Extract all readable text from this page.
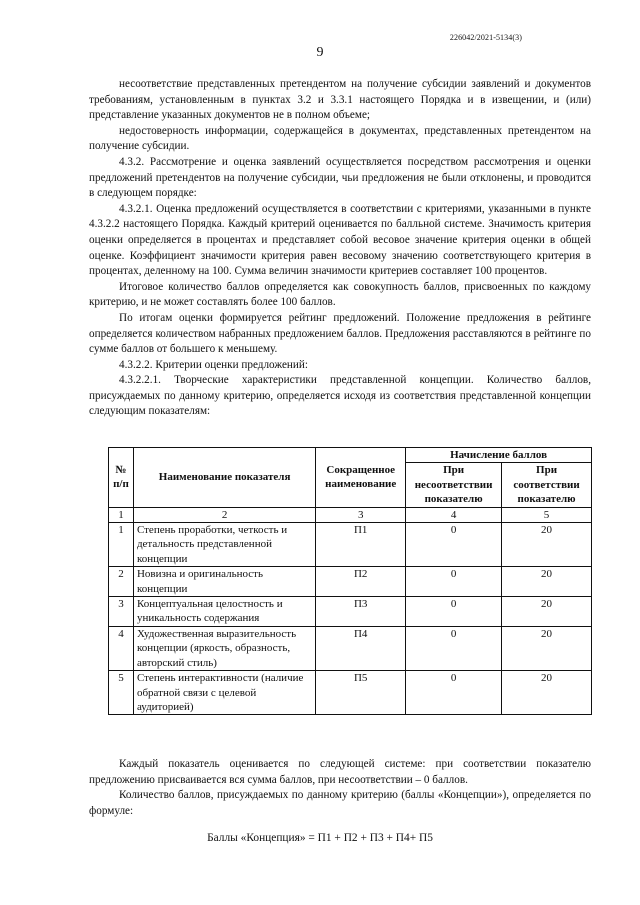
226042/2021-5134(3)
9

несоответствие представленных претендентом на получение субсидии заявлений и документов требованиям, установленным в пунктах 3.2 и 3.3.1 настоящего Порядка и в извещении, и (или) представление указанных документов не в полном объеме;

недостоверность информации, содержащейся в документах, представленных претендентом на получение субсидии.

4.3.2. Рассмотрение и оценка заявлений осуществляется посредством рассмотрения и оценки предложений претендентов на получение субсидии, чьи предложения не были отклонены, и проводится в следующем порядке:

4.3.2.1. Оценка предложений осуществляется в соответствии с критериями, указанными в пункте 4.3.2.2 настоящего Порядка. Каждый критерий оценивается по балльной системе. Значимость критерия оценки определяется в процентах и представляет собой весовое значение критерия оценки в общей оценке. Коэффициент значимости критерия равен весовому значению соответствующего критерия в процентах, деленному на 100. Сумма величин значимости критериев составляет 100 процентов.

Итоговое количество баллов определяется как совокупность баллов, присвоенных по каждому критерию, и не может составлять более 100 баллов.

По итогам оценки формируется рейтинг предложений. Положение предложения в рейтинге определяется количеством набранных предложением баллов. Предложения расставляются в рейтинге по сумме баллов от большего к меньшему.

4.3.2.2. Критерии оценки предложений:

4.3.2.2.1. Творческие характеристики представленной концепции. Количество баллов, присуждаемых по данному критерию, определяется исходя из соответствия представленной концепции следующим показателям:

№ п/п	Наименование показателя	Сокращенное наименование	Начисление баллов	
			При несоответствии показателю	При соответствии показателю
1	2	3	4	5
1	Степень проработки, четкость и детальность представленной концепции	П1	0	20
2	Новизна и оригинальность концепции	П2	0	20
3	Концептуальная целостность и уникальность содержания	П3	0	20
4	Художественная выразительность концепции (яркость, образность, авторский стиль)	П4	0	20
5	Степень интерактивности (наличие обратной связи с целевой аудиторией)	П5	0	20

Каждый показатель оценивается по следующей системе: при соответствии показателю предложению присваивается вся сумма баллов, при несоответствии – 0 баллов.

Количество баллов, присуждаемых по данному критерию (баллы «Концепции»), определяется по формуле:

Баллы «Концепция» = П1 + П2 + П3 + П4+ П5
